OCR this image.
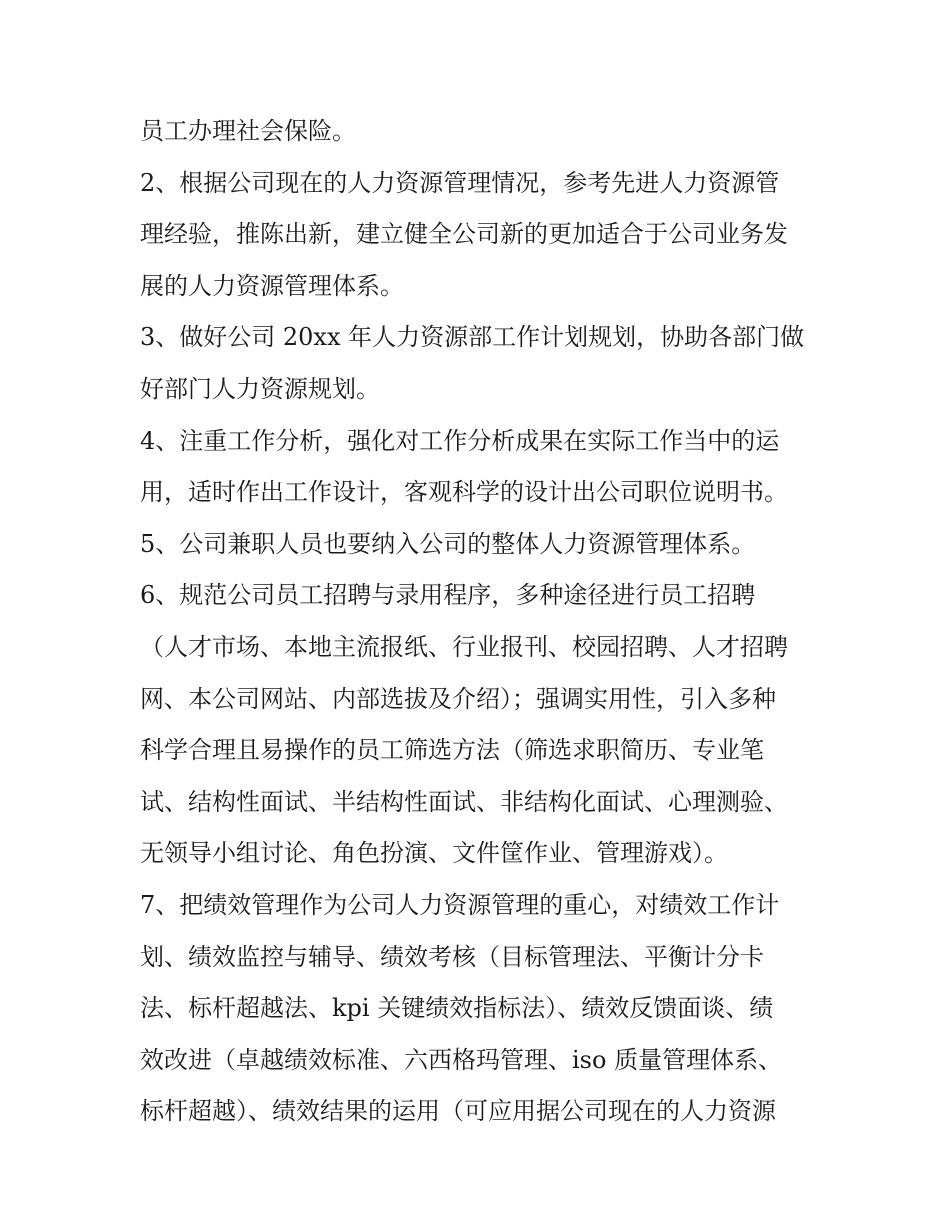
员工办理社会保险。
2、根据公司现在的人力资源管理情况，参考先进人力资源管
理经验，推陈出新，建立健全公司新的更加适合于公司业务发
展的人力资源管理体系。
3、做好公司 20xx 年人力资源部工作计划规划，协助各部门做
好部门人力资源规划。
4、注重工作分析，强化对工作分析成果在实际工作当中的运
用，适时作出工作设计，客观科学的设计出公司职位说明书。
5、公司兼职人员也要纳入公司的整体人力资源管理体系。
6、规范公司员工招聘与录用程序，多种途径进行员工招聘
（人才市场、本地主流报纸、行业报刊、校园招聘、人才招聘
网、本公司网站、内部选拔及介绍）；强调实用性，引入多种
科学合理且易操作的员工筛选方法（筛选求职简历、专业笔
试、结构性面试、半结构性面试、非结构化面试、心理测验、
无领导小组讨论、角色扮演、文件筐作业、管理游戏）。
7、把绩效管理作为公司人力资源管理的重心，对绩效工作计
划、绩效监控与辅导、绩效考核（目标管理法、平衡计分卡
法、标杆超越法、kpi 关键绩效指标法）、绩效反馈面谈、绩
效改进（卓越绩效标准、六西格玛管理、iso 质量管理体系、
标杆超越）、绩效结果的运用（可应用据公司现在的人力资源
